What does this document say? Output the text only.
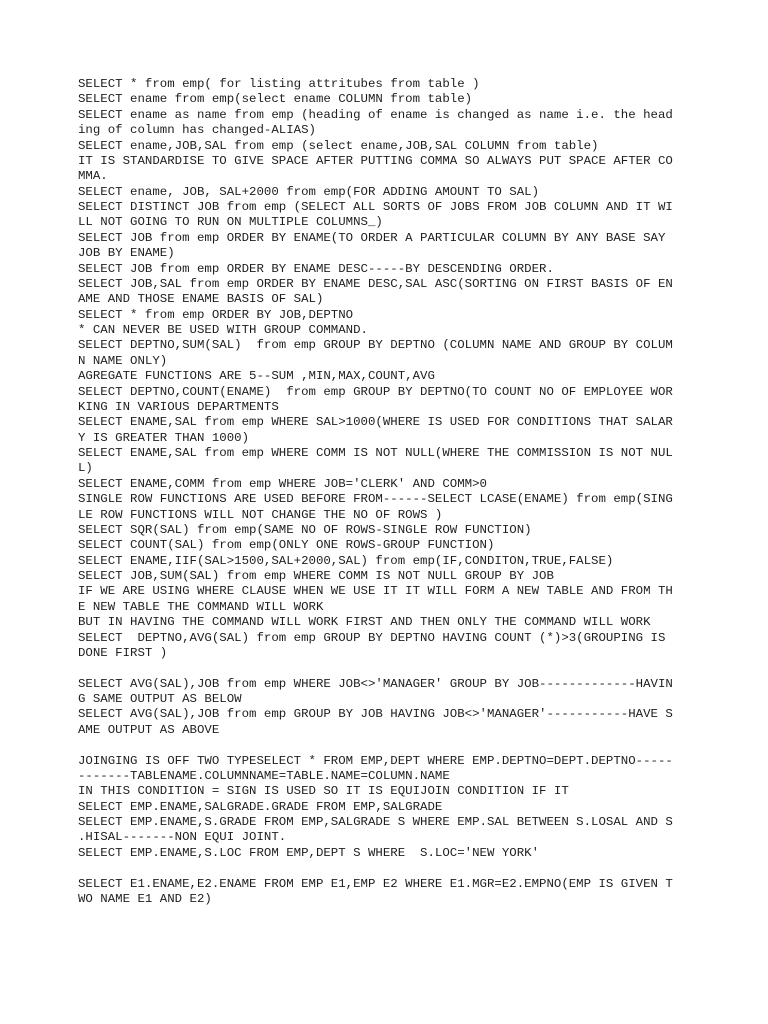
SELECT * from emp( for listing attritubes from table )
SELECT ename from emp(select ename COLUMN from table)
SELECT ename as name from emp (heading of ename is changed as name i.e. the head
ing of column has changed-ALIAS)
SELECT ename,JOB,SAL from emp (select ename,JOB,SAL COLUMN from table)
IT IS STANDARDISE TO GIVE SPACE AFTER PUTTING COMMA SO ALWAYS PUT SPACE AFTER CO
MMA.
SELECT ename, JOB, SAL+2000 from emp(FOR ADDING AMOUNT TO SAL)
SELECT DISTINCT JOB from emp (SELECT ALL SORTS OF JOBS FROM JOB COLUMN AND IT WI
LL NOT GOING TO RUN ON MULTIPLE COLUMNS_)
SELECT JOB from emp ORDER BY ENAME(TO ORDER A PARTICULAR COLUMN BY ANY BASE SAY
JOB BY ENAME)
SELECT JOB from emp ORDER BY ENAME DESC-----BY DESCENDING ORDER.
SELECT JOB,SAL from emp ORDER BY ENAME DESC,SAL ASC(SORTING ON FIRST BASIS OF EN
AME AND THOSE ENAME BASIS OF SAL)
SELECT * from emp ORDER BY JOB,DEPTNO
* CAN NEVER BE USED WITH GROUP COMMAND.
SELECT DEPTNO,SUM(SAL)  from emp GROUP BY DEPTNO (COLUMN NAME AND GROUP BY COLUM
N NAME ONLY)
AGREGATE FUNCTIONS ARE 5--SUM ,MIN,MAX,COUNT,AVG
SELECT DEPTNO,COUNT(ENAME)  from emp GROUP BY DEPTNO(TO COUNT NO OF EMPLOYEE WOR
KING IN VARIOUS DEPARTMENTS
SELECT ENAME,SAL from emp WHERE SAL>1000(WHERE IS USED FOR CONDITIONS THAT SALAR
Y IS GREATER THAN 1000)
SELECT ENAME,SAL from emp WHERE COMM IS NOT NULL(WHERE THE COMMISSION IS NOT NUL
L)
SELECT ENAME,COMM from emp WHERE JOB='CLERK' AND COMM>0
SINGLE ROW FUNCTIONS ARE USED BEFORE FROM------SELECT LCASE(ENAME) from emp(SING
LE ROW FUNCTIONS WILL NOT CHANGE THE NO OF ROWS )
SELECT SQR(SAL) from emp(SAME NO OF ROWS-SINGLE ROW FUNCTION)
SELECT COUNT(SAL) from emp(ONLY ONE ROWS-GROUP FUNCTION)
SELECT ENAME,IIF(SAL>1500,SAL+2000,SAL) from emp(IF,CONDITON,TRUE,FALSE)
SELECT JOB,SUM(SAL) from emp WHERE COMM IS NOT NULL GROUP BY JOB
IF WE ARE USING WHERE CLAUSE WHEN WE USE IT IT WILL FORM A NEW TABLE AND FROM TH
E NEW TABLE THE COMMAND WILL WORK
BUT IN HAVING THE COMMAND WILL WORK FIRST AND THEN ONLY THE COMMAND WILL WORK
SELECT  DEPTNO,AVG(SAL) from emp GROUP BY DEPTNO HAVING COUNT (*)>3(GROUPING IS
DONE FIRST )
SELECT AVG(SAL),JOB from emp WHERE JOB<>'MANAGER' GROUP BY JOB-------------HAVIN
G SAME OUTPUT AS BELOW
SELECT AVG(SAL),JOB from emp GROUP BY JOB HAVING JOB<>'MANAGER'-----------HAVE S
AME OUTPUT AS ABOVE
JOINGING IS OFF TWO TYPESELECT * FROM EMP,DEPT WHERE EMP.DEPTNO=DEPT.DEPTNO-----
-------TABLENAME.COLUMNNAME=TABLE.NAME=COLUMN.NAME
IN THIS CONDITION = SIGN IS USED SO IT IS EQUIJOIN CONDITION IF IT
SELECT EMP.ENAME,SALGRADE.GRADE FROM EMP,SALGRADE
SELECT EMP.ENAME,S.GRADE FROM EMP,SALGRADE S WHERE EMP.SAL BETWEEN S.LOSAL AND S
.HISAL-------NON EQUI JOINT.
SELECT EMP.ENAME,S.LOC FROM EMP,DEPT S WHERE  S.LOC='NEW YORK'
SELECT E1.ENAME,E2.ENAME FROM EMP E1,EMP E2 WHERE E1.MGR=E2.EMPNO(EMP IS GIVEN T
WO NAME E1 AND E2)
